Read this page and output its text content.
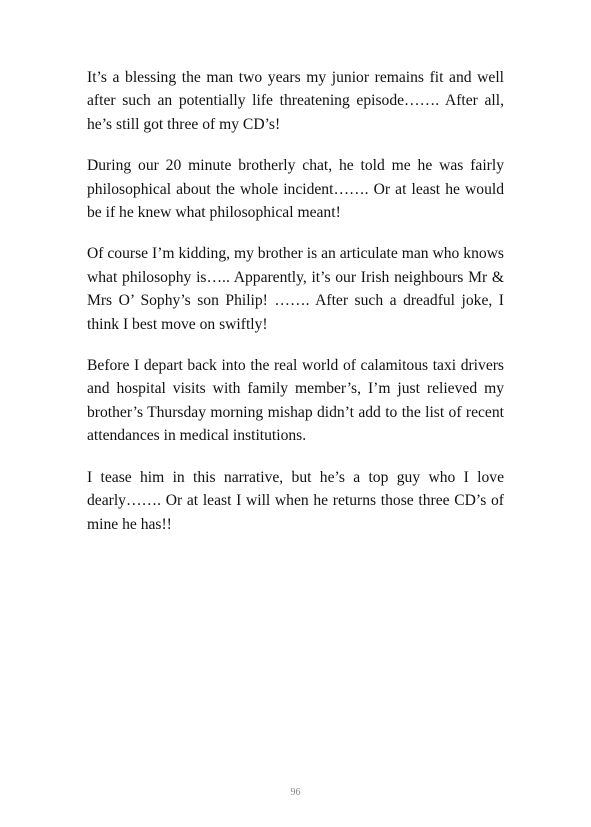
It’s a blessing the man two years my junior remains fit and well after such an potentially life threatening episode……. After all, he’s still got three of my CD’s!

During our 20 minute brotherly chat, he told me he was fairly philosophical about the whole incident……. Or at least he would be if he knew what philosophical meant!

Of course I’m kidding, my brother is an articulate man who knows what philosophy is….. Apparently, it’s our Irish neighbours Mr & Mrs O’ Sophy’s son Philip! ……. After such a dreadful joke, I think I best move on swiftly!

Before I depart back into the real world of calamitous taxi drivers and hospital visits with family member’s, I’m just relieved my brother’s Thursday morning mishap didn’t add to the list of recent attendances in medical institutions.

I tease him in this narrative, but he’s a top guy who I love dearly……. Or at least I will when he returns those three CD’s of mine he has!!

96
